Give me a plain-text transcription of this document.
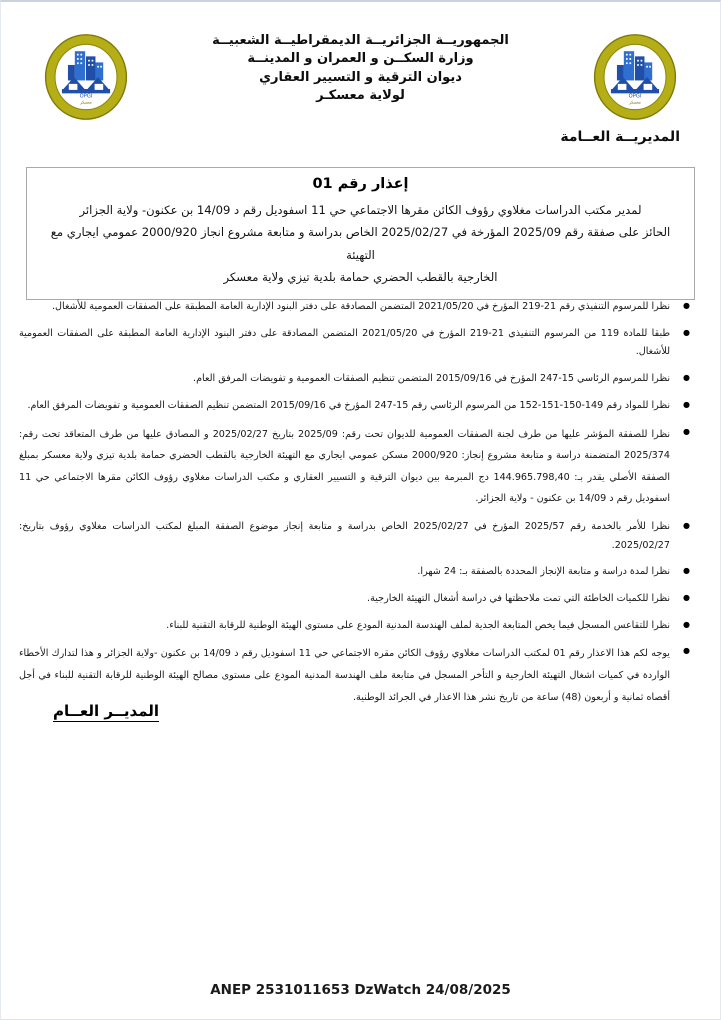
OPGI
معسكر
الجمهوريــة الجزائريــة الديمقراطيــة الشعبيــة
وزارة السكــن و العمران و المدينــة
ديوان الترقية و التسيير العقاري
لولاية معسكـر	OPGI
معسكر
المديريــة العــامة
إعذار رقم 01
لمدير مكتب الدراسات مغلاوي رؤوف الكائن مقرها الاجتماعي حي 11 اسفوديل رقم د 14/09 بن عكنون- ولاية الجزائر
الحائز على صفقة رقم 2025/09 المؤرخة في 2025/02/27 الخاص بدراسة و متابعة مشروع انجاز 2000/920 عمومي ايجاري مع التهيئة
الخارجية بالقطب الحضري حمامة بلدية تيزي ولاية معسكر
● نظرا للمرسوم التنفيذي رقم 21-219 المؤرخ في 2021/05/20 المتضمن المصادقة على دفتر البنود الإدارية العامة المطبقة على الصفقات العمومية للأشغال.
● طبقا للمادة 119 من المرسوم التنفيذي 21-219 المؤرخ في 2021/05/20 المتضمن المصادقة على دفتر البنود الإدارية العامة المطبقة على الصفقات العمومية للأشغال.
● نظرا للمرسوم الرئاسي 15-247 المؤرخ في 2015/09/16 المتضمن تنظيم الصفقات العمومية و تفويضات المرفق العام.
● نظرا للمواد رقم 149-150-151-152 من المرسوم الرئاسي رقم 15-247 المؤرخ في 2015/09/16 المتضمن تنظيم الصفقات العمومية و تفويضات المرفق العام.
● نظرا للصفقة المؤشر عليها من طرف لجنة الصفقات العمومية للديوان تحت رقم: 2025/09 بتاريخ 2025/02/27 و المصادق عليها من طرف المتعاقد تحت رقم: 2025/374 المتضمنة دراسة و متابعة مشروع إنجاز: 2000/920 مسكن عمومي ايجاري مع التهيئة الخارجية بالقطب الحضري حمامة بلدية تيزي ولاية معسكر بمبلغ الصفقة الأصلي يقدر بـ: 144.965.798,40 دج المبرمة بين ديوان الترقية و التسيير العقاري و مكتب الدراسات مغلاوي رؤوف الكائن مقرها الاجتماعي حي 11 اسفوديل رقم د 14/09 بن عكنون - ولاية الجزائر.
● نظرا للأمر بالخدمة رقم 2025/57 المؤرخ في 2025/02/27 الخاص بدراسة و متابعة إنجاز موضوع الصفقة المبلغ لمكتب الدراسات مغلاوي رؤوف بتاريخ: 2025/02/27.
● نظرا لمدة دراسة و متابعة الإنجاز المحددة بالصفقة بـ: 24 شهرا.
● نظرا للكميات الخاطئة التي تمت ملاحظتها في دراسة أشغال التهيئة الخارجية.
● نظرا للتقاعس المسجل فيما يخص المتابعة الجدية لملف الهندسة المدنية المودع على مستوى الهيئة الوطنية للرقابة التقنية للبناء.
● يوجه لكم هذا الاعذار رقم 01 لمكتب الدراسات مغلاوي رؤوف الكائن مقره الاجتماعي حي 11 اسفوديل رقم د 14/09 بن عكنون -ولاية الجزائر و هذا لتدارك الأخطاء الواردة في كميات اشغال التهيئة الخارجية و التأخر المسجل في متابعة ملف الهندسة المدنية المودع على مستوى مصالح الهيئة الوطنية للرقابة التقنية للبناء في أجل أقصاه ثمانية و أربعون (48) ساعة من تاريخ نشر هذا الاعذار في الجرائد الوطنية.
المديــر العــام
ANEP 2531011653 DzWatch 24/08/2025
